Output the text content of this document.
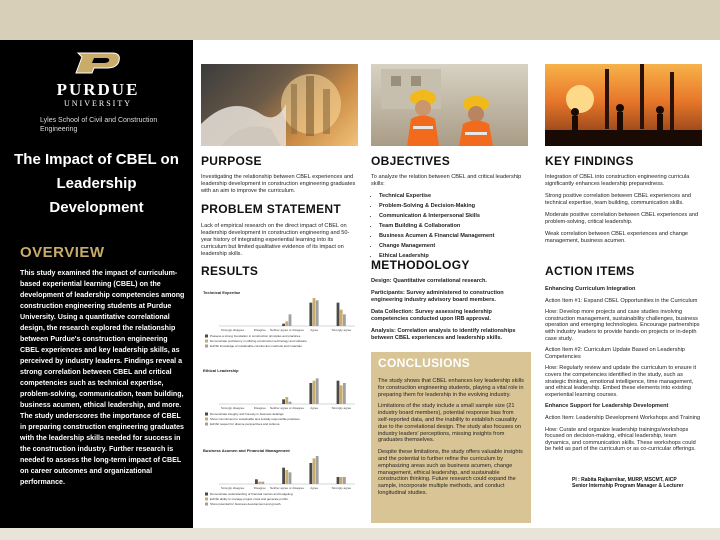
PURDUE
UNIVERSITY
Lyles School of Civil and Construction Engineering
The Impact of CBEL on Leadership Development
OVERVIEW
This study examined the impact of curriculum-based experiential learning (CBEL) on the development of leadership competencies among construction engineering students at Purdue University. Using a quantitative correlational design, the research explored the relationship between Purdue's construction engineering CBEL experiences and key leadership skills, as perceived by industry leaders. Findings reveal a strong correlation between CBEL and critical competencies such as technical expertise, problem-solving, communication, team building, business acumen, ethical leadership, and more. The study underscores the importance of CBEL in preparing construction engineering graduates with the leadership skills needed for success in the construction industry. Further research is needed to assess the long-term impact of CBEL on career outcomes and organizational performance.
PURPOSE
Investigating the relationship between CBEL experiences and leadership development in construction engineering graduates with an aim to improve the curriculum.
PROBLEM STATEMENT
Lack of empirical research on the direct impact of CBEL on leadership development in construction engineering and 50-year history of integrating experiential learning into its curriculum but limited qualitative evidence of its impact on leadership skills.
RESULTS
Technical Expertise
Strongly disagree	Disagree Neither agree or disagree Agree	Strongly agree
Possess a strong foundation in construction principles and practices.
Demonstrate proficiency in utilizing construction technology and software.
Exhibit knowledge of sustainable construction methods and materials.
Ethical Leadership
Strongly disagree	Disagree Neither agree or disagree Agree	Strongly agree
Demonstrate integrity and honesty in business dealings.
Show commitment to sustainable and socially responsible practices.
Exhibit respect for diverse perspectives and cultures.
Business Acumen and Financial Management
Strongly disagree	Disagree Neither agree or disagree Agree	Strongly agree
Demonstrate understanding of financial metrics and budgeting.
Exhibit ability to manage project costs and generate profits.
Show potential for business development and growth.
OBJECTIVES

To analyze the relation between CBEL and critical leadership skills:

• Technical Expertise
• Problem-Solving & Decision-Making
• Communication & Interpersonal Skills
• Team Building & Collaboration
• Business Acumen & Financial Management
• Change Management
• Ethical Leadership
METHODOLOGY

Design: Quantitative correlational research.

Participants: Survey administered to construction engineering industry advisory board members.

Data Collection: Survey assessing leadership competencies conducted upon IRB approval.

Analysis: Correlation analysis to identify relationships between CBEL experiences and leadership skills.

CONCLUSIONS

The study shows that CBEL enhances key leadership skills for construction engineering students, playing a vital role in preparing them for leadership in the evolving industry.

Limitations of the study include a small sample size (21 industry board members), potential response bias from self-reported data, and the inability to establish causality due to the correlational design. The study also focuses on industry leaders' perceptions, missing insights from graduates themselves.

Despite these limitations, the study offers valuable insights and the potential to further refine the curriculum by emphasizing areas such as business acumen, change management, ethical leadership, and sustainable construction thinking. Future research could expand the sample, incorporate multiple methods, and conduct longitudinal studies.

KEY FINDINGS

Integration of CBEL into construction engineering curricula significantly enhances leadership preparedness.

Strong positive correlation between CBEL experiences and technical expertise, team building, communication skills.

Moderate positive correlation between CBEL experiences and problem-solving, critical leadership.

Weak correlation between CBEL experiences and change management, business acumen.

ACTION ITEMS

Enhancing Curriculum Integration

Action Item #1: Expand CBEL Opportunities in the Curriculum

How: Develop more projects and case studies involving construction management, sustainability challenges, business operation and emerging technologies. Encourage partnerships with industry leaders to provide hands-on projects or in-depth case study.

Action Item #2: Curriculum Update Based on Leadership Competencies

How: Regularly review and update the curriculum to ensure it covers the competencies identified in the study, such as strategic thinking, emotional intelligence, time management, and ethical leadership. Embed these elements into existing experiential learning courses.

Enhance Support for Leadership Development

Action Item: Leadership Development Workshops and Training

How: Curate and organize leadership trainings/workshops focused on decision-making, ethical leadership, team dynamics, and communication skills. These workshops could be held as part of the curriculum or as co-curricular offerings.

PI : Rabita Rajkarnikar, MURP, MSCMT, AICP
Senior Internship Program Manager & Lecturer
